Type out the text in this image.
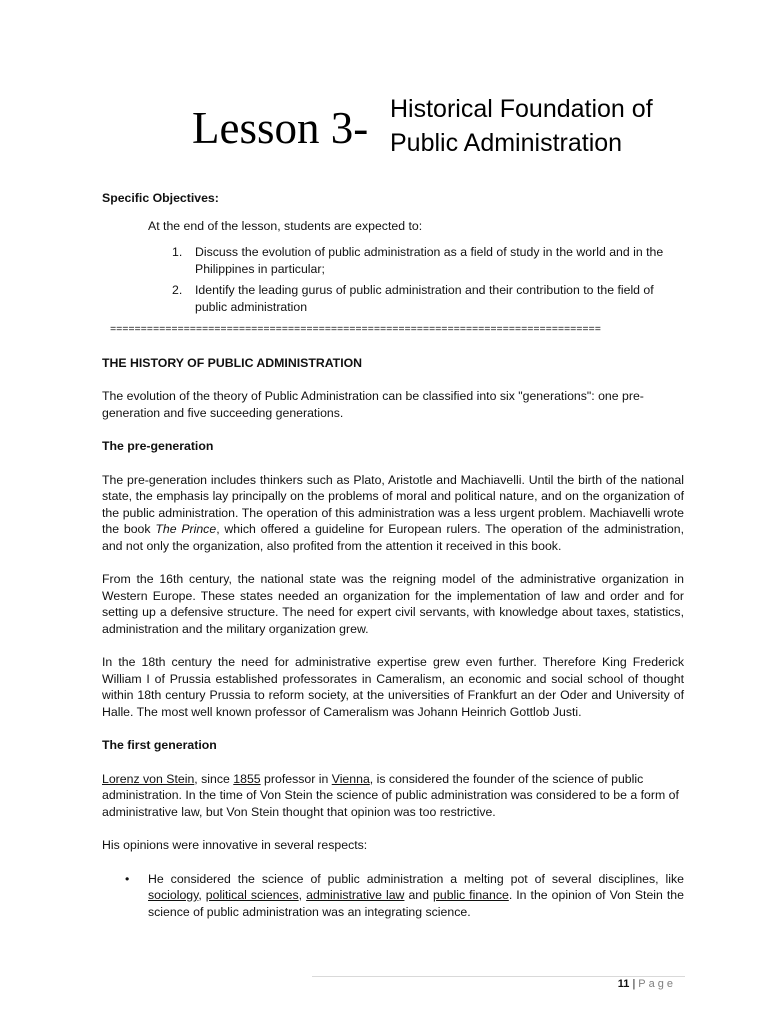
Lesson 3- Historical Foundation of
Public Administration

Specific Objectives:

At the end of the lesson, students are expected to:

1. Discuss the evolution of public administration as a field of study in the world and in the Philippines in particular;
2. Identify the leading gurus of public administration and their contribution to the field of public administration

================================================================================

THE HISTORY OF PUBLIC ADMINISTRATION

The evolution of the theory of Public Administration can be classified into six "generations": one pre-generation and five succeeding generations.

The pre-generation

The pre-generation includes thinkers such as Plato, Aristotle and Machiavelli. Until the birth of the national state, the emphasis lay principally on the problems of moral and political nature, and on the organization of the public administration. The operation of this administration was a less urgent problem. Machiavelli wrote the book The Prince, which offered a guideline for European rulers. The operation of the administration, and not only the organization, also profited from the attention it received in this book.

From the 16th century, the national state was the reigning model of the administrative organization in Western Europe. These states needed an organization for the implementation of law and order and for setting up a defensive structure. The need for expert civil servants, with knowledge about taxes, statistics, administration and the military organization grew.

In the 18th century the need for administrative expertise grew even further. Therefore King Frederick William I of Prussia established professorates in Cameralism, an economic and social school of thought within 18th century Prussia to reform society, at the universities of Frankfurt an der Oder and University of Halle. The most well known professor of Cameralism was Johann Heinrich Gottlob Justi.

The first generation

Lorenz von Stein, since 1855 professor in Vienna, is considered the founder of the science of public administration. In the time of Von Stein the science of public administration was considered to be a form of administrative law, but Von Stein thought that opinion was too restrictive.

His opinions were innovative in several respects:

• He considered the science of public administration a melting pot of several disciplines, like sociology, political sciences, administrative law and public finance. In the opinion of Von Stein the science of public administration was an integrating science.
11 | Page
